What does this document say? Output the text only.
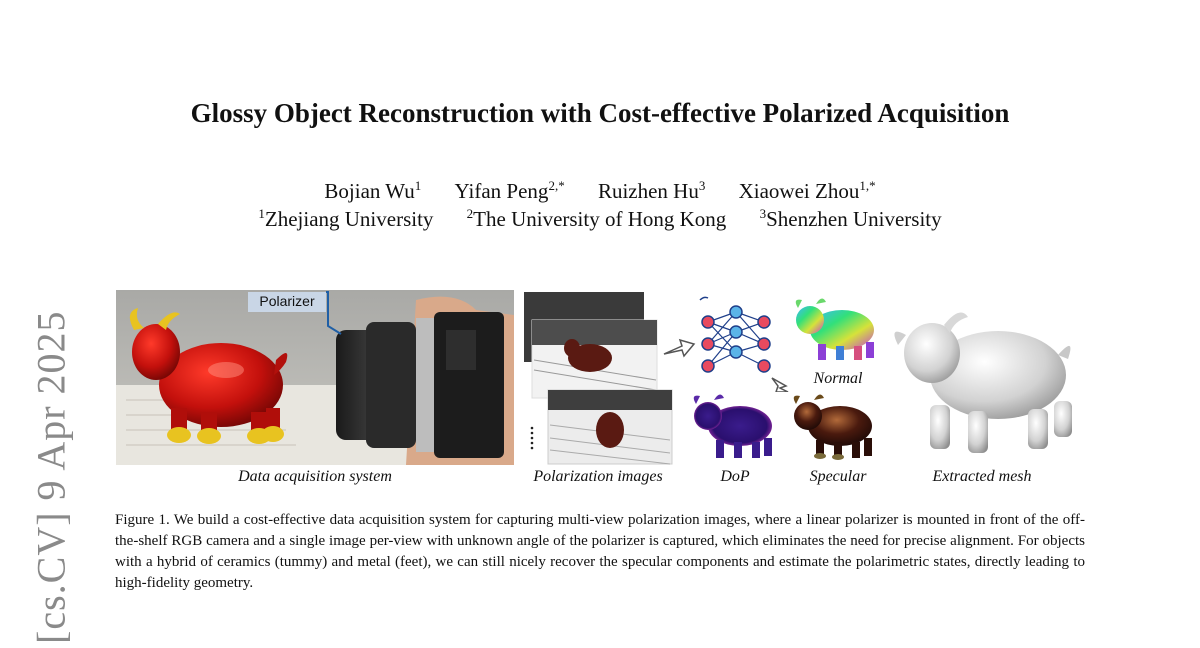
[cs.CV] 9 Apr 2025
Glossy Object Reconstruction with Cost-effective Polarized Acquisition
Bojian Wu$^1$ Yifan Peng$^{2,*}$ Ruizhen Hu$^3$ Xiaowei Zhou$^{1,*}$
$^1$Zhejiang University	$^2$The University of Hong Kong	$^3$Shenzhen University
Polarizer
Data acquisition system	Polarization images
Normal
DoP	Specular	Extracted mesh
Figure 1. We build a cost-effective data acquisition system for capturing multi-view polarization images, where a linear polarizer is mounted in front of the off-the-shelf RGB camera and a single image per-view with unknown angle of the polarizer is captured, which eliminates the need for precise alignment. For objects with a hybrid of ceramics (tummy) and metal (feet), we can still nicely recover the specular components and estimate the polarimetric states, directly leading to high-fidelity geometry.
